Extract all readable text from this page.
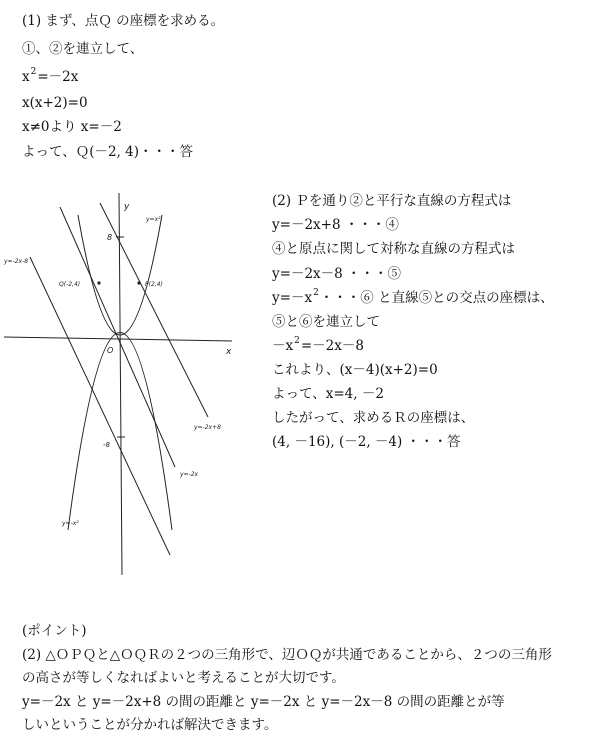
(1) まず、点Ｑ の座標を求める。
①、②を連立して、
$x^2=-2x$
x(x+2)=0
x≠0より x=－2
よって、Ｑ(－2, 4)・・・答
y
x
O
8
-8
Q(-2,4)	P(2,4)
y=x²
y=-x²
y=-2x-8
y=-2x+8
y=-2x
(2) Ｐを通り②と平行な直線の方程式は
y=－2x+8 ・・・④
④と原点に関して対称な直線の方程式は
y=－2x－8 ・・・⑤
$y=-x^2$・・・⑥ と直線⑤との交点の座標は、
⑤と⑥を連立して
$-x^2=-2x-8$
これより、(x－4)(x+2)=0
よって、x=4, －2
したがって、求めるＲの座標は、
(4, －16), (－2, －4) ・・・答
(ポイント)
(2) △ＯＰＱと△ＯＱＲの２つの三角形で、辺ＯＱが共通であることから、２つの三角形
の高さが等しくなればよいと考えることが大切です。
y=－2x と y=－2x+8 の間の距離と y=－2x と y=－2x－8 の間の距離とが等
しいということが分かれば解決できます。
